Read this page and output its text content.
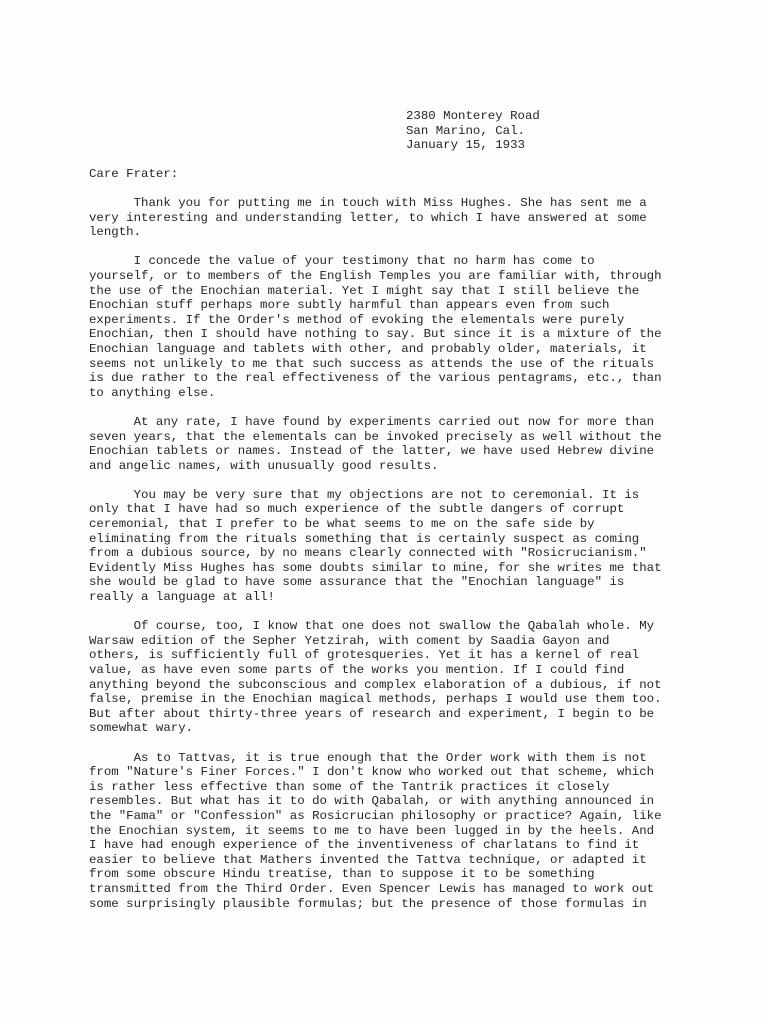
2380 Monterey Road
San Marino, Cal.
January 15, 1933
Care Frater:
Thank you for putting me in touch with Miss Hughes. She has sent me a
very interesting and understanding letter, to which I have answered at some
length.
I concede the value of your testimony that no harm has come to
yourself, or to members of the English Temples you are familiar with, through
the use of the Enochian material. Yet I might say that I still believe the
Enochian stuff perhaps more subtly harmful than appears even from such
experiments. If the Order's method of evoking the elementals were purely
Enochian, then I should have nothing to say. But since it is a mixture of the
Enochian language and tablets with other, and probably older, materials, it
seems not unlikely to me that such success as attends the use of the rituals
is due rather to the real effectiveness of the various pentagrams, etc., than
to anything else.
At any rate, I have found by experiments carried out now for more than
seven years, that the elementals can be invoked precisely as well without the
Enochian tablets or names. Instead of the latter, we have used Hebrew divine
and angelic names, with unusually good results.
You may be very sure that my objections are not to ceremonial. It is
only that I have had so much experience of the subtle dangers of corrupt
ceremonial, that I prefer to be what seems to me on the safe side by
eliminating from the rituals something that is certainly suspect as coming
from a dubious source, by no means clearly connected with "Rosicrucianism."
Evidently Miss Hughes has some doubts similar to mine, for she writes me that
she would be glad to have some assurance that the "Enochian language" is
really a language at all!
Of course, too, I know that one does not swallow the Qabalah whole. My
Warsaw edition of the Sepher Yetzirah, with coment by Saadia Gayon and
others, is sufficiently full of grotesqueries. Yet it has a kernel of real
value, as have even some parts of the works you mention. If I could find
anything beyond the subconscious and complex elaboration of a dubious, if not
false, premise in the Enochian magical methods, perhaps I would use them too.
But after about thirty-three years of research and experiment, I begin to be
somewhat wary.
As to Tattvas, it is true enough that the Order work with them is not
from "Nature's Finer Forces." I don't know who worked out that scheme, which
is rather less effective than some of the Tantrik practices it closely
resembles. But what has it to do with Qabalah, or with anything announced in
the "Fama" or "Confession" as Rosicrucian philosophy or practice? Again, like
the Enochian system, it seems to me to have been lugged in by the heels. And
I have had enough experience of the inventiveness of charlatans to find it
easier to believe that Mathers invented the Tattva technique, or adapted it
from some obscure Hindu treatise, than to suppose it to be something
transmitted from the Third Order. Even Spencer Lewis has managed to work out
some surprisingly plausible formulas; but the presence of those formulas in
